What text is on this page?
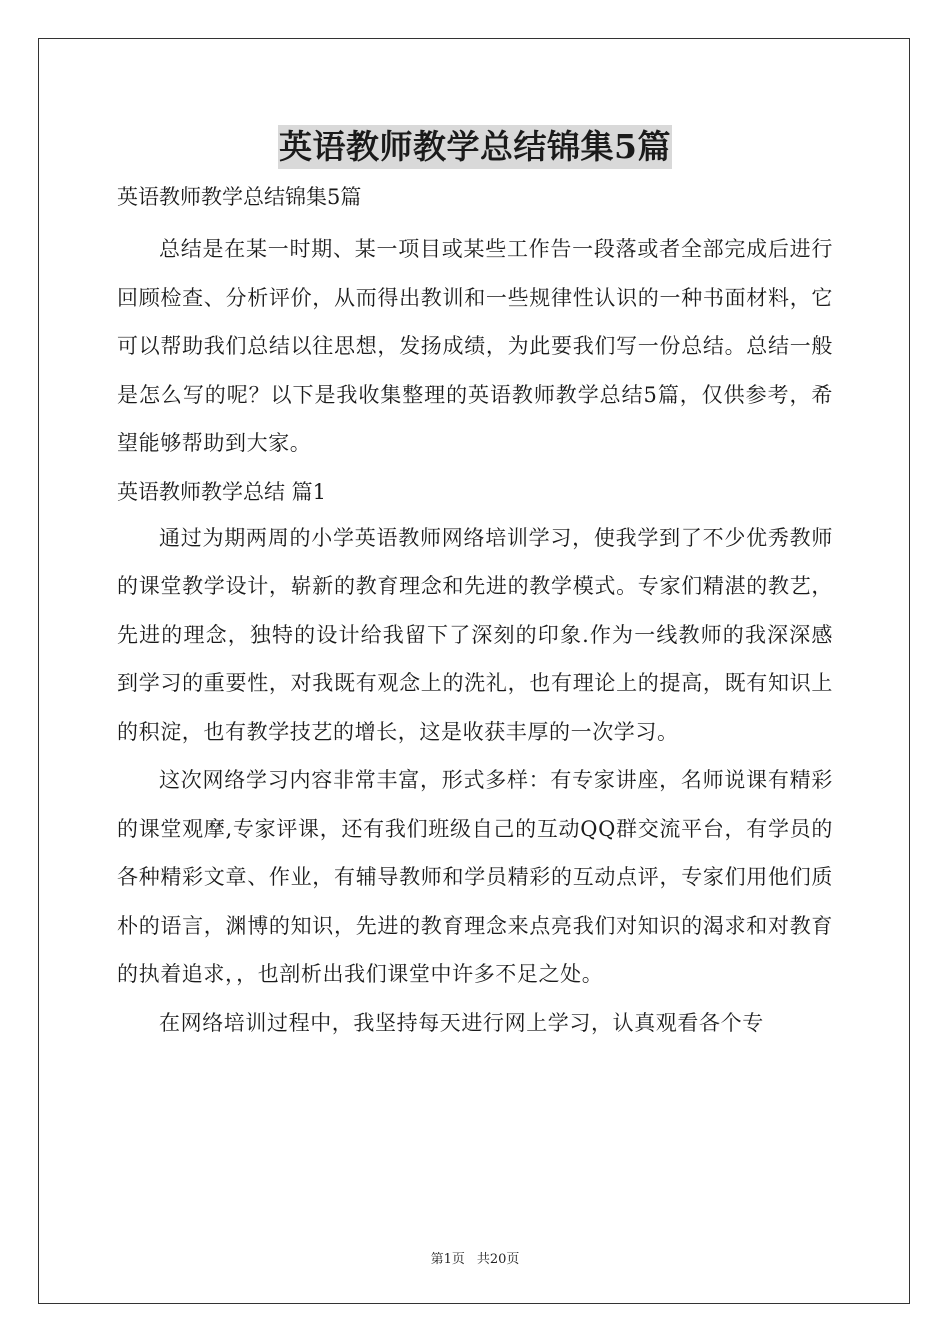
英语教师教学总结锦集5篇
英语教师教学总结锦集5篇

总结是在某一时期、某一项目或某些工作告一段落或者全部完成后进行回顾检查、分析评价，从而得出教训和一些规律性认识的一种书面材料，它可以帮助我们总结以往思想，发扬成绩，为此要我们写一份总结。总结一般是怎么写的呢？以下是我收集整理的英语教师教学总结5篇，仅供参考，希望能够帮助到大家。

英语教师教学总结 篇1

通过为期两周的小学英语教师网络培训学习，使我学到了不少优秀教师的课堂教学设计，崭新的教育理念和先进的教学模式。专家们精湛的教艺，先进的理念，独特的设计给我留下了深刻的印象.作为一线教师的我深深感到学习的重要性，对我既有观念上的洗礼，也有理论上的提高，既有知识上的积淀，也有教学技艺的增长，这是收获丰厚的一次学习。

这次网络学习内容非常丰富，形式多样：有专家讲座，名师说课有精彩的课堂观摩,专家评课，还有我们班级自己的互动QQ群交流平台，有学员的各种精彩文章、作业，有辅导教师和学员精彩的互动点评，专家们用他们质朴的语言，渊博的知识，先进的教育理念来点亮我们对知识的渴求和对教育的执着追求，，也剖析出我们课堂中许多不足之处。

在网络培训过程中，我坚持每天进行网上学习，认真观看各个专

第1页 共20页
